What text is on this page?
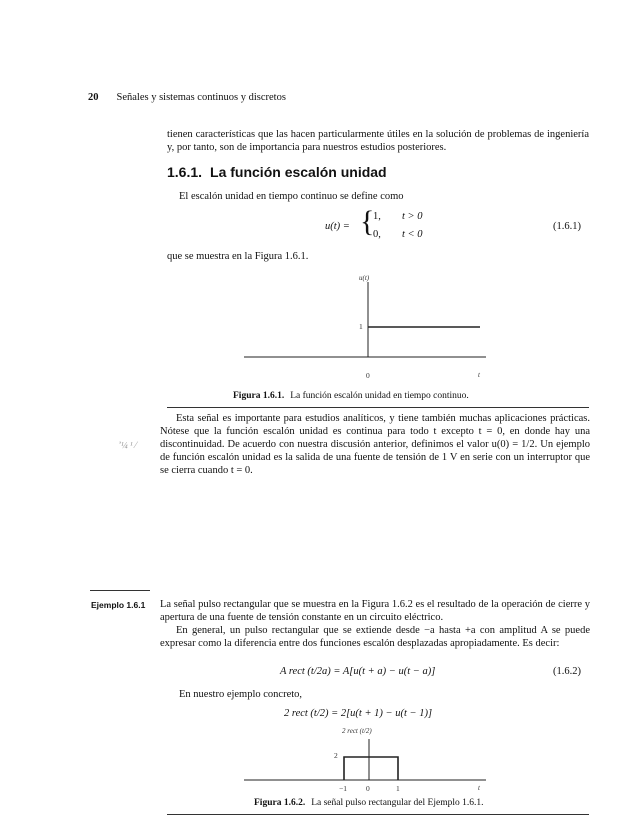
20 Señales y sistemas continuos y discretos
tienen características que las hacen particularmente útiles en la solución de problemas de ingeniería y, por tanto, son de importancia para nuestros estudios posteriores.
1.6.1. La función escalón unidad
El escalón unidad en tiempo continuo se define como
u(t) = {
1, t > 0
0, t < 0
(1.6.1)
que se muestra en la Figura 1.6.1.
u(t)
1
0	t
Figura 1.6.1. La función escalón unidad en tiempo continuo.
ʼ¼ ¹ ⁄
Esta señal es importante para estudios analíticos, y tiene también muchas aplicaciones prácticas. Nótese que la función escalón unidad es continua para todo t excepto t = 0, en donde hay una discontinuidad. De acuerdo con nuestra discusión anterior, definimos el valor u(0) = 1/2. Un ejemplo de función escalón unidad es la salida de una fuente de tensión de 1 V en serie con un interruptor que se cierra cuando t = 0.
Ejemplo 1.6.1 La señal pulso rectangular que se muestra en la Figura 1.6.2 es el resultado de la operación de cierre y apertura de una fuente de tensión constante en un circuito eléctrico.
En general, un pulso rectangular que se extiende desde −a hasta +a con amplitud A se puede expresar como la diferencia entre dos funciones escalón desplazadas apropiadamente. Es decir:
A rect (t/2a) = A[u(t + a) − u(t − a)]	(1.6.2)
En nuestro ejemplo concreto,
2 rect (t/2) = 2[u(t + 1) − u(t − 1)]
2 rect (t/2)
2
−1	0	1	t
Figura 1.6.2. La señal pulso rectangular del Ejemplo 1.6.1.
